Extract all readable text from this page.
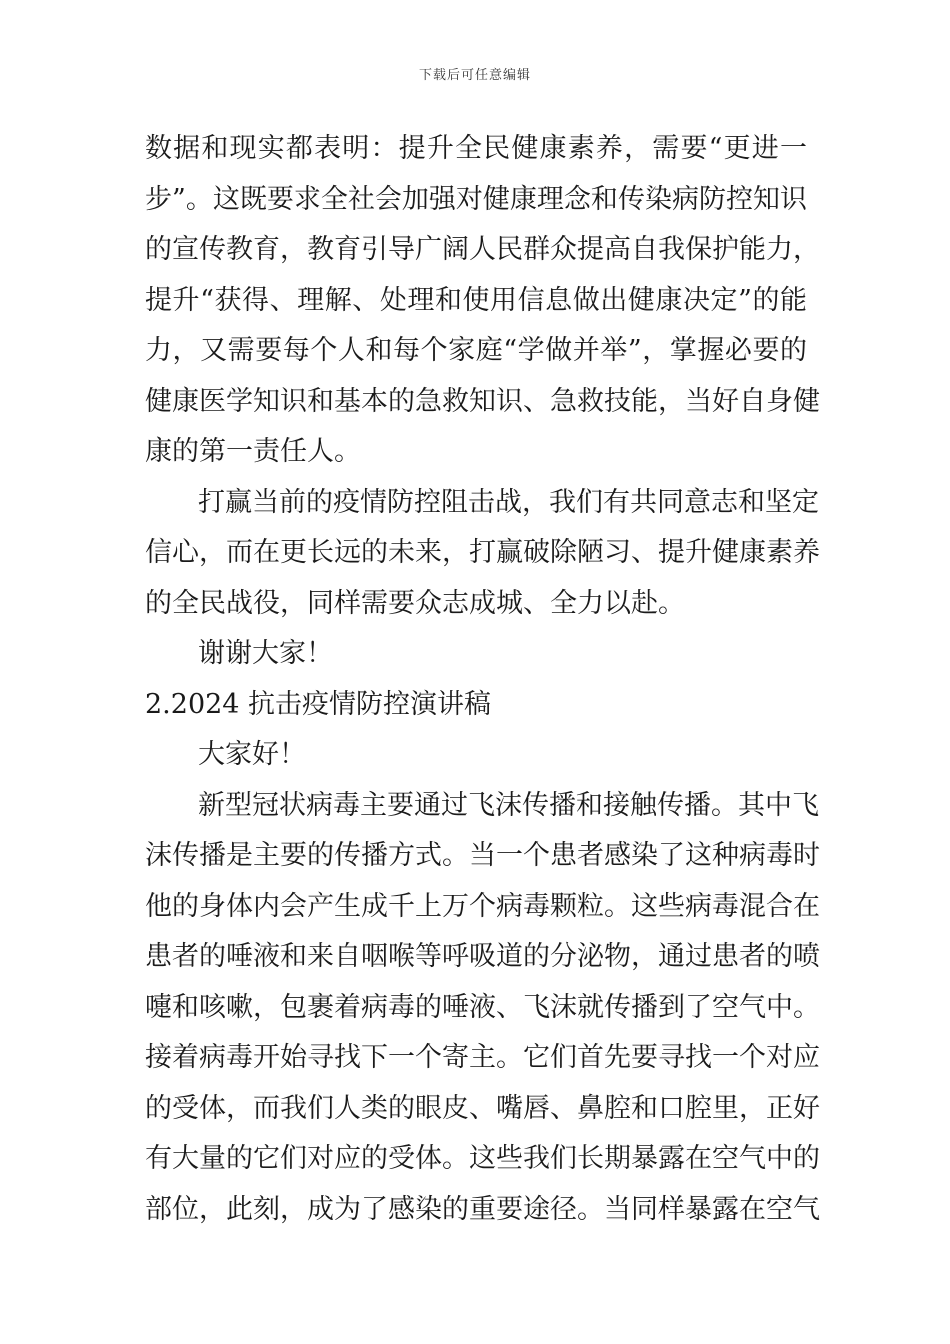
下载后可任意编辑
数据和现实都表明：提升全民健康素养，需要“更进一
步”。这既要求全社会加强对健康理念和传染病防控知识
的宣传教育，教育引导广阔人民群众提高自我保护能力，
提升“获得、理解、处理和使用信息做出健康决定”的能
力，又需要每个人和每个家庭“学做并举”，掌握必要的
健康医学知识和基本的急救知识、急救技能，当好自身健
康的第一责任人。
打赢当前的疫情防控阻击战，我们有共同意志和坚定
信心，而在更长远的未来，打赢破除陋习、提升健康素养
的全民战役，同样需要众志成城、全力以赴。
谢谢大家！
2.2024 抗击疫情防控演讲稿
大家好！
新型冠状病毒主要通过飞沫传播和接触传播。其中飞
沫传播是主要的传播方式。当一个患者感染了这种病毒时
他的身体内会产生成千上万个病毒颗粒。这些病毒混合在
患者的唾液和来自咽喉等呼吸道的分泌物，通过患者的喷
嚏和咳嗽，包裹着病毒的唾液、飞沫就传播到了空气中。
接着病毒开始寻找下一个寄主。它们首先要寻找一个对应
的受体，而我们人类的眼皮、嘴唇、鼻腔和口腔里，正好
有大量的它们对应的受体。这些我们长期暴露在空气中的
部位，此刻，成为了感染的重要途径。当同样暴露在空气
